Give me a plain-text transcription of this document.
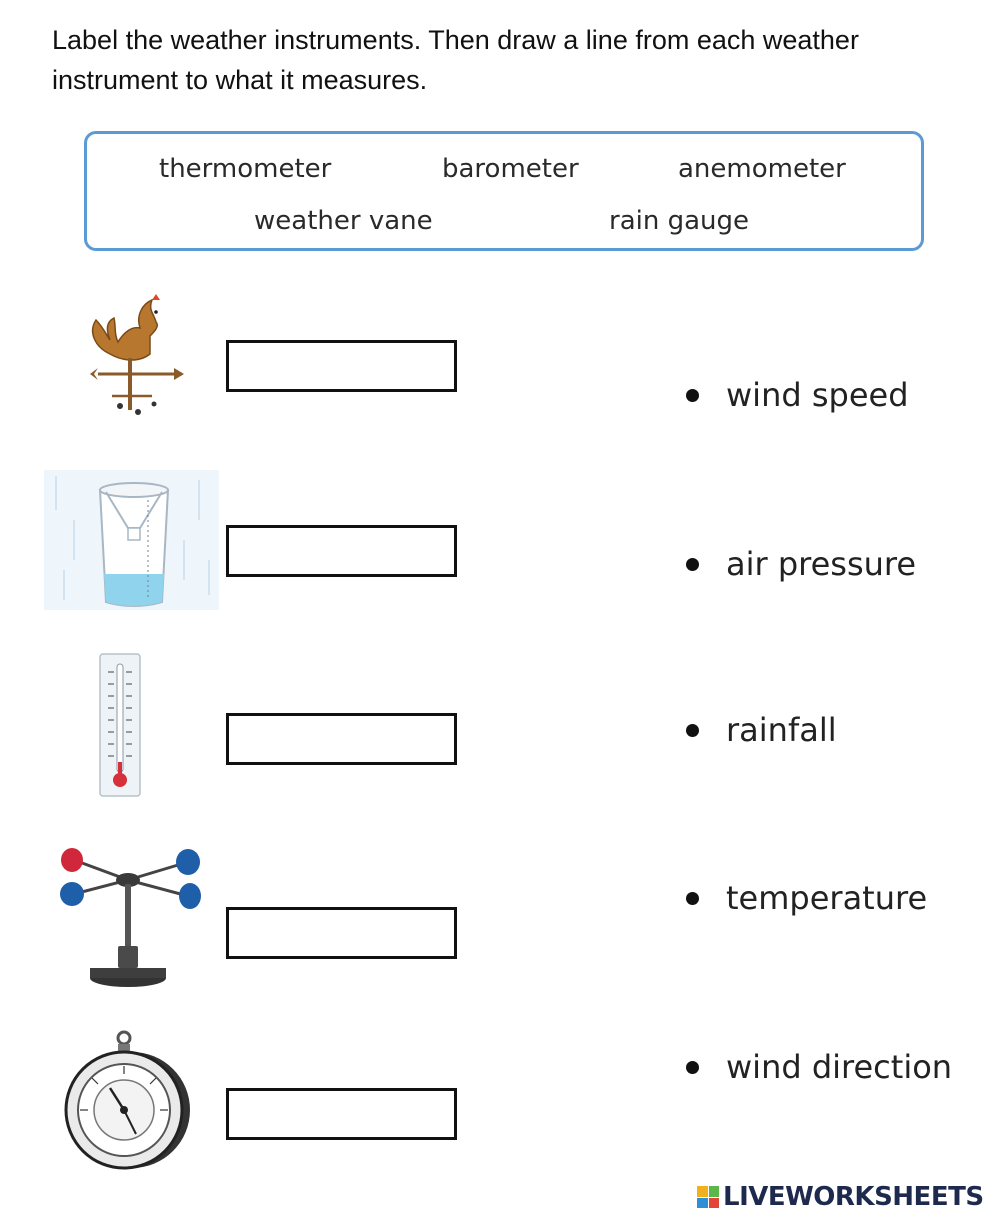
Label the weather instruments. Then draw a line from each weather instrument to what it measures.
thermometer	barometer	anemometer
weather vane	rain gauge
wind speed
air pressure
rainfall
temperature
wind direction
LIVEWORKSHEETS
